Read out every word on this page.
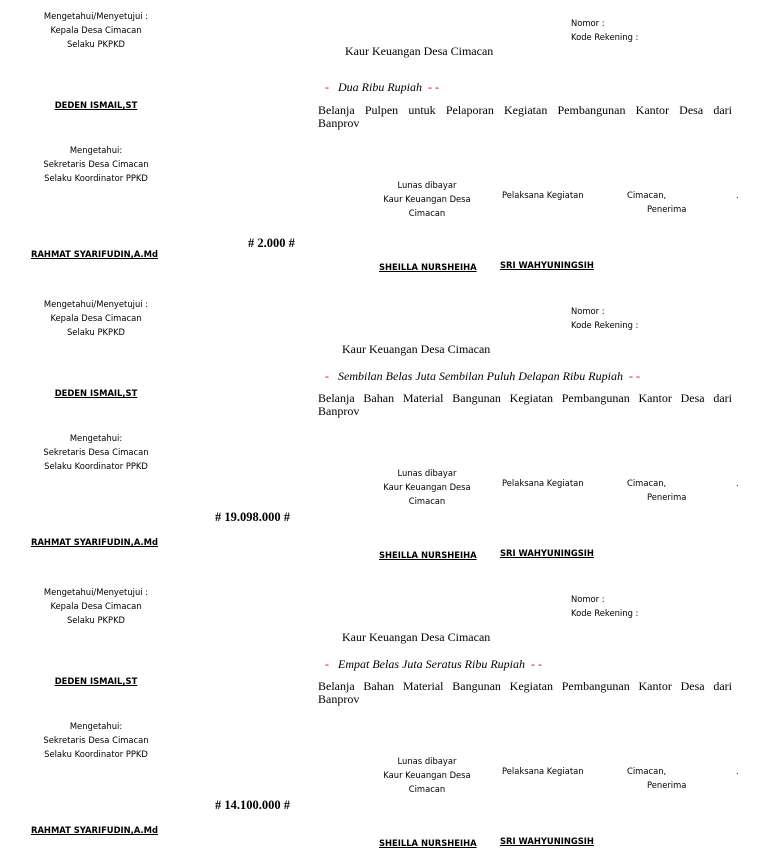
Mengetahui/Menyetujui :
Kepala Desa Cimacan
Selaku PKPKD
DEDEN ISMAIL,ST
Mengetahui:
Sekretaris Desa Cimacan
Selaku Koordinator PPKD
RAHMAT SYARIFUDIN,A.Md
# 2.000 #
Nomor :
Kode Rekening :
Kaur Keuangan Desa Cimacan
- Dua Ribu Rupiah - -
Belanja Pulpen untuk Pelaporan Kegiatan Pembangunan Kantor Desa dari
Banprov
Lunas dibayar
Kaur Keuangan Desa
Cimacan
Pelaksana Kegiatan	Cimacan,	.
Penerima
SHEILLA NURSHEIHA	SRI WAHYUNINGSIH
Mengetahui/Menyetujui :
Kepala Desa Cimacan
Selaku PKPKD
DEDEN ISMAIL,ST
Mengetahui:
Sekretaris Desa Cimacan
Selaku Koordinator PPKD
RAHMAT SYARIFUDIN,A.Md
# 19.098.000 #
Nomor :
Kode Rekening :
Kaur Keuangan Desa Cimacan
- Sembilan Belas Juta Sembilan Puluh Delapan Ribu Rupiah - -
Belanja Bahan Material Bangunan Kegiatan Pembangunan Kantor Desa dari
Banprov
Lunas dibayar
Kaur Keuangan Desa
Cimacan
Pelaksana Kegiatan	Cimacan,	.
Penerima
SHEILLA NURSHEIHA	SRI WAHYUNINGSIH
Mengetahui/Menyetujui :
Kepala Desa Cimacan
Selaku PKPKD
DEDEN ISMAIL,ST
Mengetahui:
Sekretaris Desa Cimacan
Selaku Koordinator PPKD
RAHMAT SYARIFUDIN,A.Md
# 14.100.000 #
Nomor :
Kode Rekening :
Kaur Keuangan Desa Cimacan
- Empat Belas Juta Seratus Ribu Rupiah - -
Belanja Bahan Material Bangunan Kegiatan Pembangunan Kantor Desa dari
Banprov
Lunas dibayar
Kaur Keuangan Desa
Cimacan
Pelaksana Kegiatan	Cimacan,	.
Penerima
SHEILLA NURSHEIHA	SRI WAHYUNINGSIH
